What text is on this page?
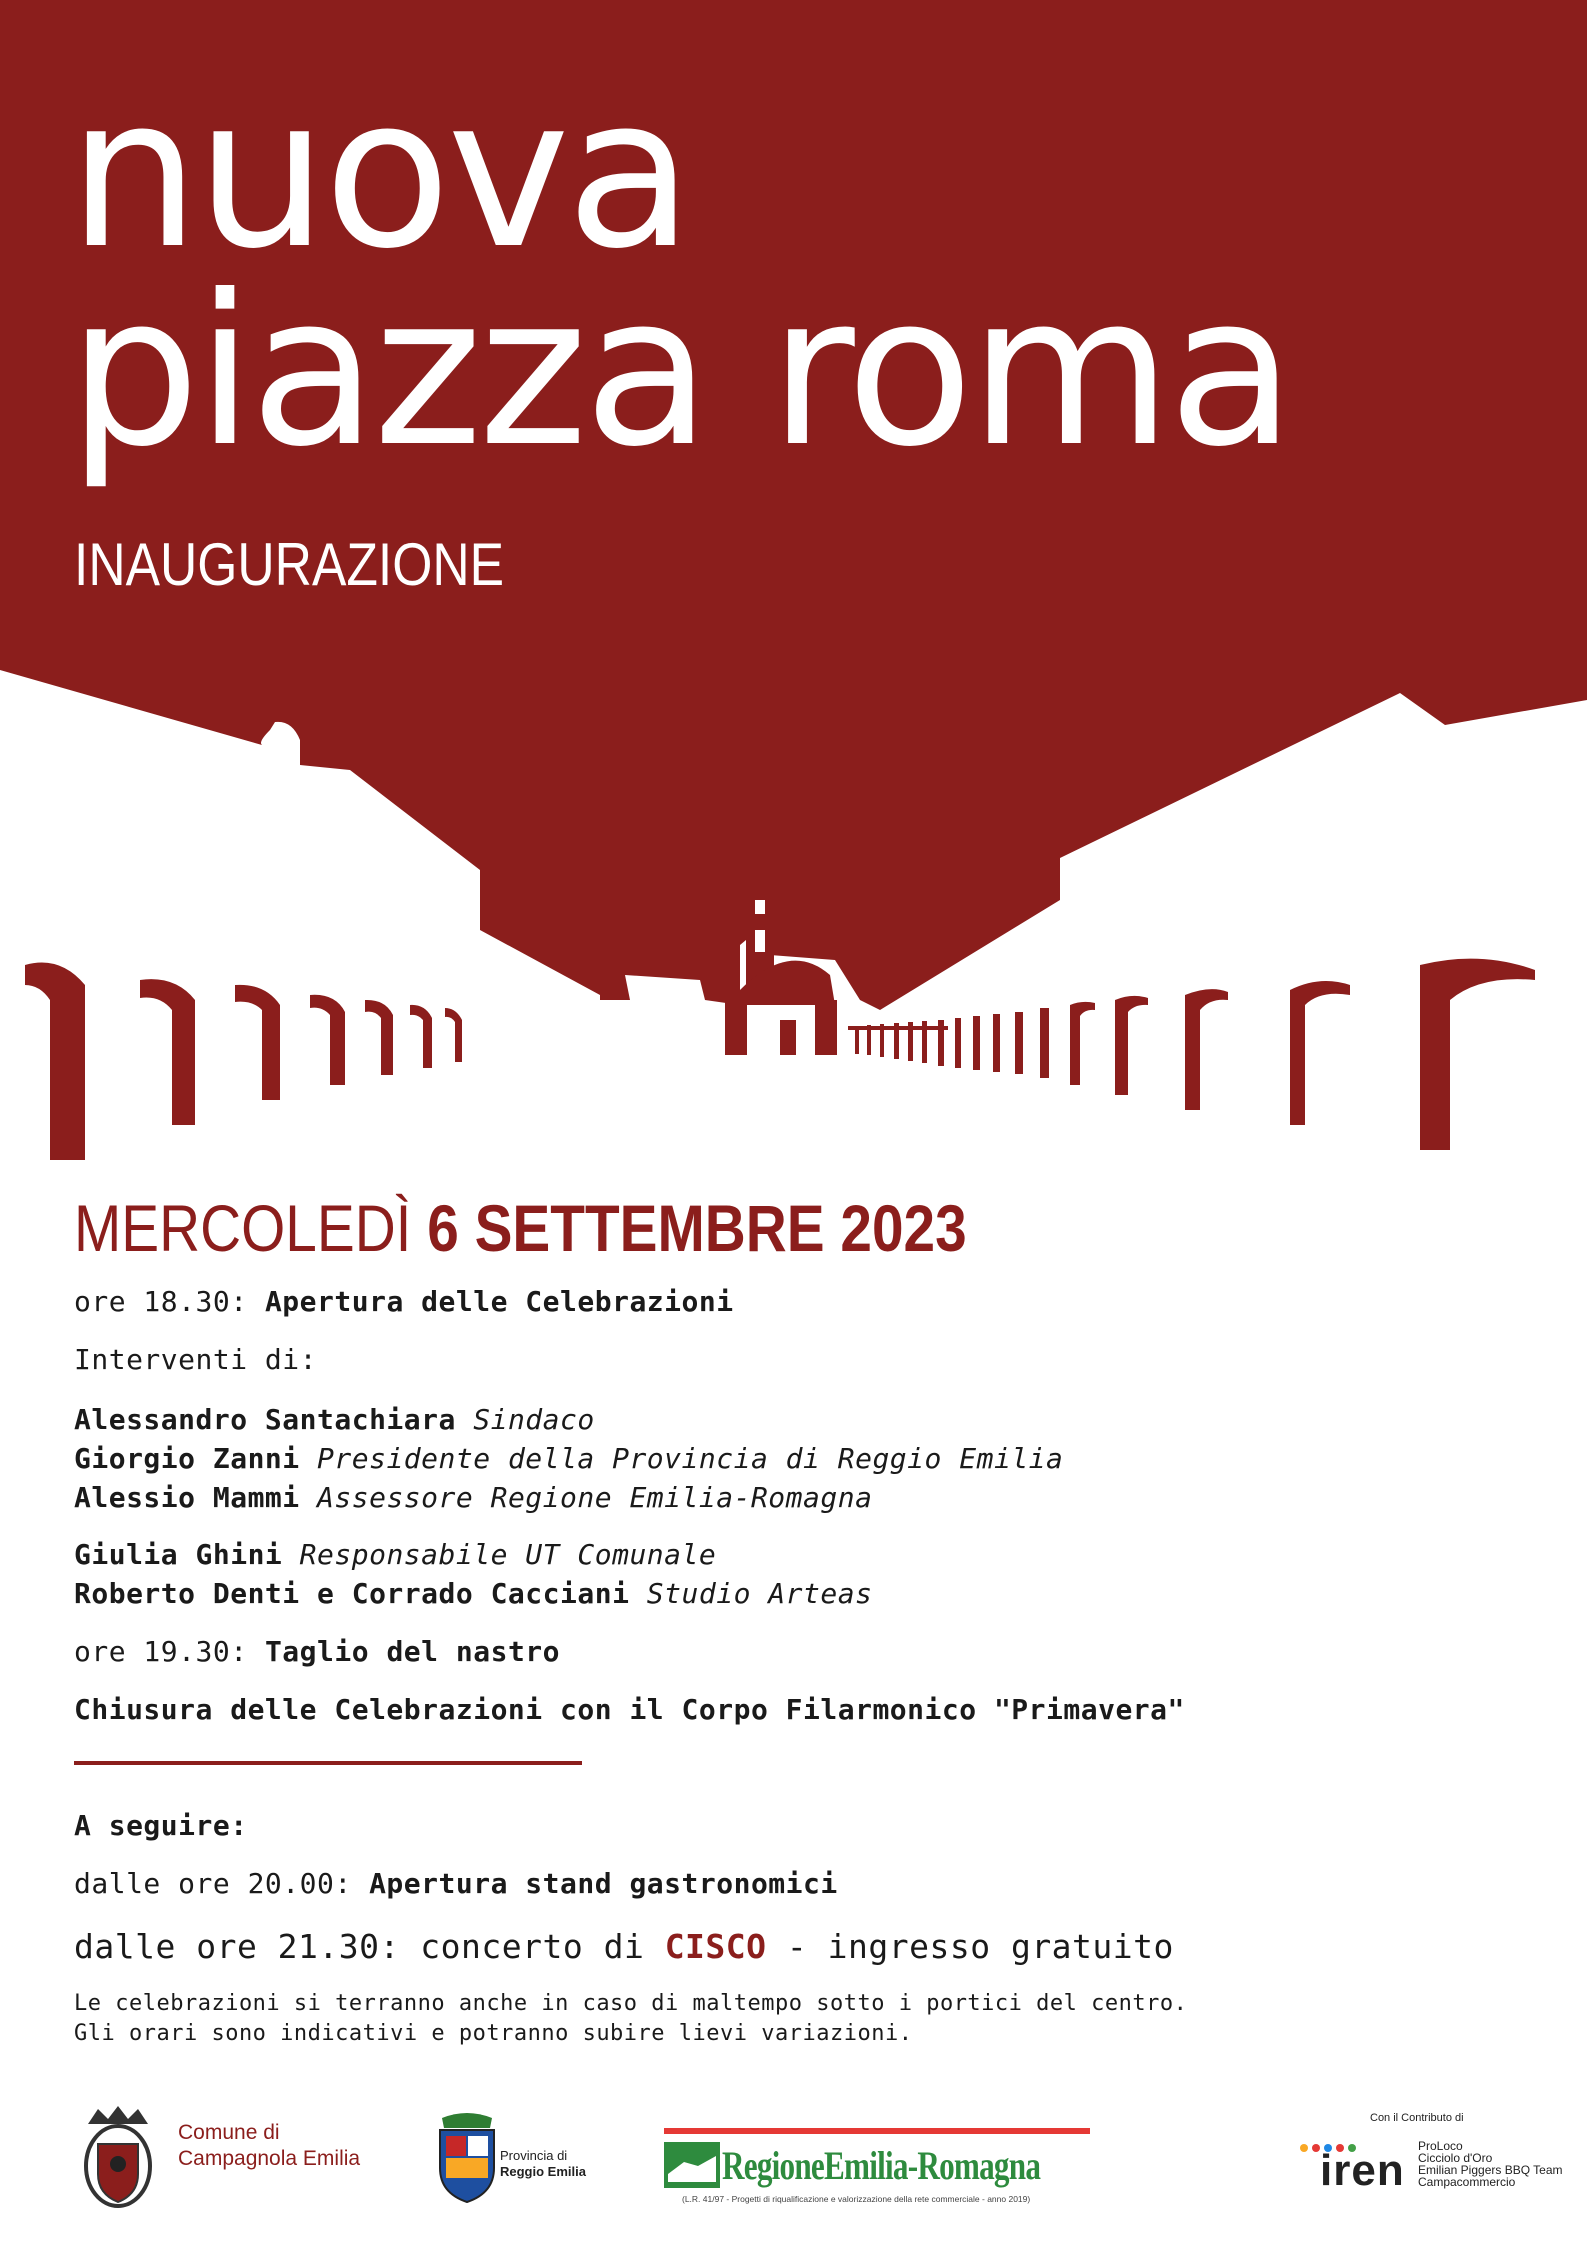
nuova
piazza roma
INAUGURAZIONE
MERCOLEDÌ 6 SETTEMBRE 2023
ore 18.30: Apertura delle Celebrazioni
Interventi di:
Alessandro Santachiara Sindaco
Giorgio Zanni Presidente della Provincia di Reggio Emilia
Alessio Mammi Assessore Regione Emilia-Romagna
Giulia Ghini Responsabile UT Comunale
Roberto Denti e Corrado Cacciani Studio Arteas
ore 19.30: Taglio del nastro
Chiusura delle Celebrazioni con il Corpo Filarmonico "Primavera"
A seguire:
dalle ore 20.00: Apertura stand gastronomici
dalle ore 21.30: concerto di CISCO - ingresso gratuito
Le celebrazioni si terranno anche in caso di maltempo sotto i portici del centro.
Gli orari sono indicativi e potranno subire lievi variazioni.
Comune di
Campagnola Emilia	Provincia di
Reggio Emilia	RegioneEmilia-Romagna
(L.R. 41/97 - Progetti di riqualificazione e valorizzazione della rete commerciale - anno 2019)
Con il Contributo di
iren ProLoco
Cicciolo d'Oro
Emilian Piggers BBQ Team
Campacommercio
